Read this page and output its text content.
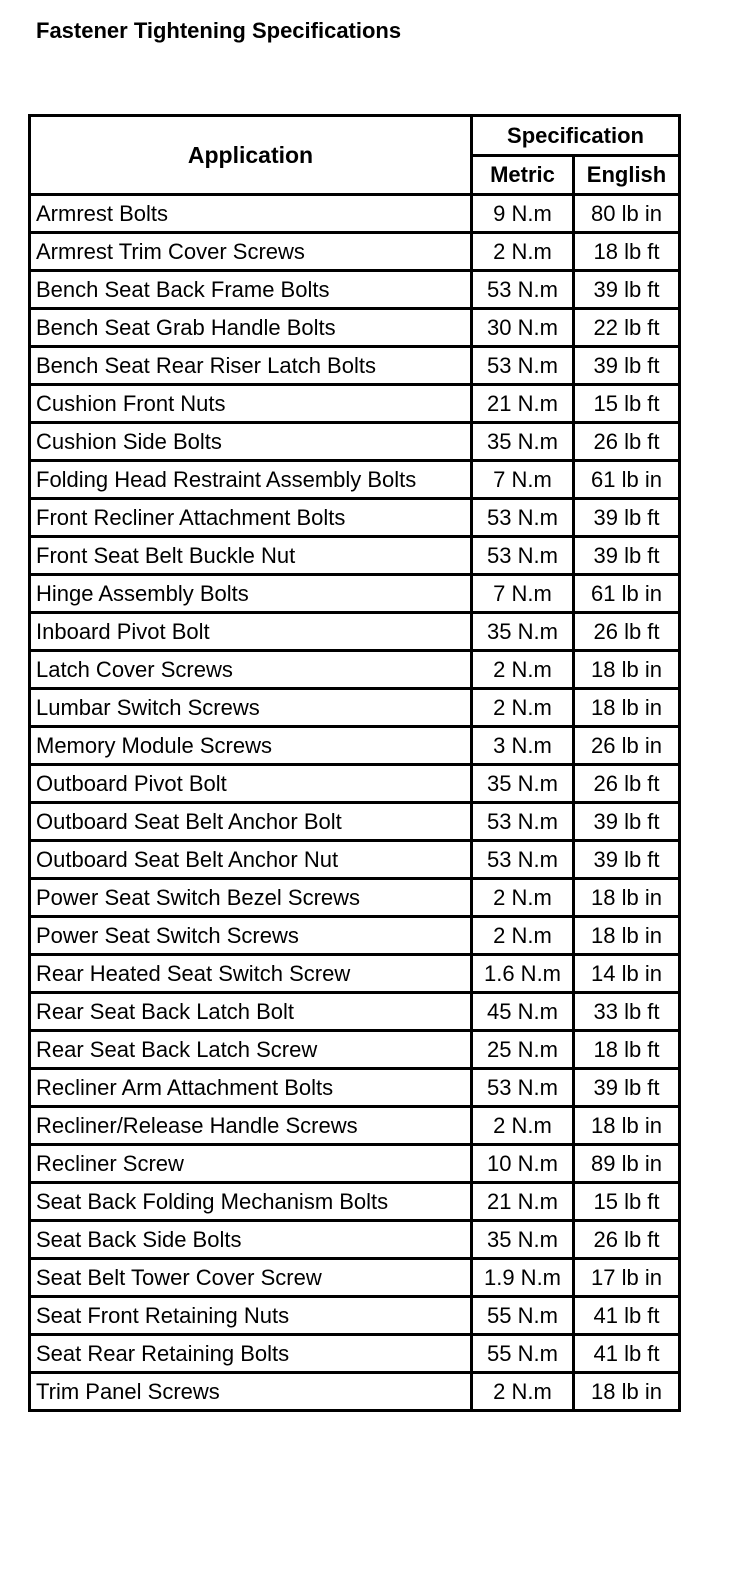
Fastener Tightening Specifications
Application	Specification	
	Metric	English
Armrest Bolts	9 N.m	80 lb in
Armrest Trim Cover Screws	2 N.m	18 lb ft
Bench Seat Back Frame Bolts	53 N.m	39 lb ft
Bench Seat Grab Handle Bolts	30 N.m	22 lb ft
Bench Seat Rear Riser Latch Bolts	53 N.m	39 lb ft
Cushion Front Nuts	21 N.m	15 lb ft
Cushion Side Bolts	35 N.m	26 lb ft
Folding Head Restraint Assembly Bolts	7 N.m	61 lb in
Front Recliner Attachment Bolts	53 N.m	39 lb ft
Front Seat Belt Buckle Nut	53 N.m	39 lb ft
Hinge Assembly Bolts	7 N.m	61 lb in
Inboard Pivot Bolt	35 N.m	26 lb ft
Latch Cover Screws	2 N.m	18 lb in
Lumbar Switch Screws	2 N.m	18 lb in
Memory Module Screws	3 N.m	26 lb in
Outboard Pivot Bolt	35 N.m	26 lb ft
Outboard Seat Belt Anchor Bolt	53 N.m	39 lb ft
Outboard Seat Belt Anchor Nut	53 N.m	39 lb ft
Power Seat Switch Bezel Screws	2 N.m	18 lb in
Power Seat Switch Screws	2 N.m	18 lb in
Rear Heated Seat Switch Screw	1.6 N.m	14 lb in
Rear Seat Back Latch Bolt	45 N.m	33 lb ft
Rear Seat Back Latch Screw	25 N.m	18 lb ft
Recliner Arm Attachment Bolts	53 N.m	39 lb ft
Recliner/Release Handle Screws	2 N.m	18 lb in
Recliner Screw	10 N.m	89 lb in
Seat Back Folding Mechanism Bolts	21 N.m	15 lb ft
Seat Back Side Bolts	35 N.m	26 lb ft
Seat Belt Tower Cover Screw	1.9 N.m	17 lb in
Seat Front Retaining Nuts	55 N.m	41 lb ft
Seat Rear Retaining Bolts	55 N.m	41 lb ft
Trim Panel Screws	2 N.m	18 lb in
